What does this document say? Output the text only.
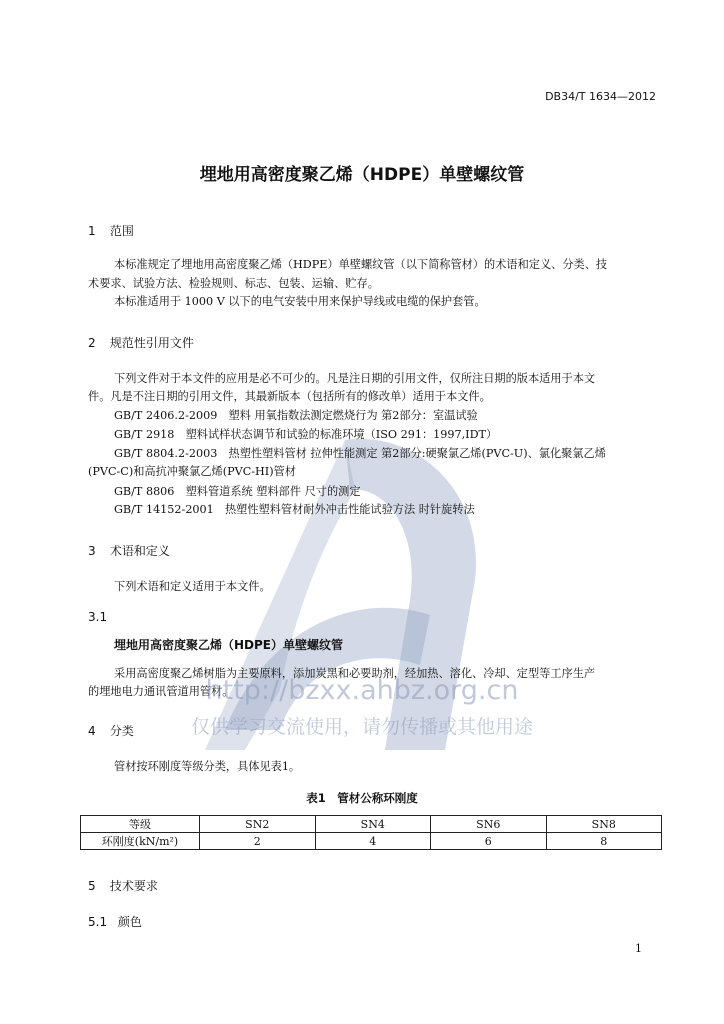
DB34/T 1634—2012
埋地用高密度聚乙烯（HDPE）单壁螺纹管
1 范围
本标准规定了埋地用高密度聚乙烯（HDPE）单壁螺纹管（以下简称管材）的术语和定义、分类、技
术要求、试验方法、检验规则、标志、包装、运输、贮存。
本标准适用于 1000 V 以下的电气安装中用来保护导线或电缆的保护套管。
2 规范性引用文件
下列文件对于本文件的应用是必不可少的。凡是注日期的引用文件，仅所注日期的版本适用于本文
件。凡是不注日期的引用文件，其最新版本（包括所有的修改单）适用于本文件。
GB/T 2406.2-2009　塑料 用氧指数法测定燃烧行为 第2部分：室温试验
GB/T 2918　塑料试样状态调节和试验的标准环境（ISO 291：1997,IDT）
GB/T 8804.2-2003　热塑性塑料管材 拉伸性能测定 第2部分:硬聚氯乙烯(PVC-U)、氯化聚氯乙烯
(PVC-C)和高抗冲聚氯乙烯(PVC-HI)管材
GB/T 8806　塑料管道系统 塑料部件 尺寸的测定
GB/T 14152-2001　热塑性塑料管材耐外冲击性能试验方法 时针旋转法
3 术语和定义
下列术语和定义适用于本文件。
3.1
埋地用高密度聚乙烯（HDPE）单壁螺纹管
采用高密度聚乙烯树脂为主要原料，添加炭黑和必要助剂，经加热、溶化、冷却、定型等工序生产
的埋地电力通讯管道用管材。
http://bzxx.ahbz.org.cn
仅供学习交流使用，请勿传播或其他用途
4 分类
管材按环刚度等级分类，具体见表1。
表1　管材公称环刚度
等级	SN2	SN4	SN6	SN8
环刚度(kN/m²)	2	4	6	8
5 技术要求
5.1 颜色
1
